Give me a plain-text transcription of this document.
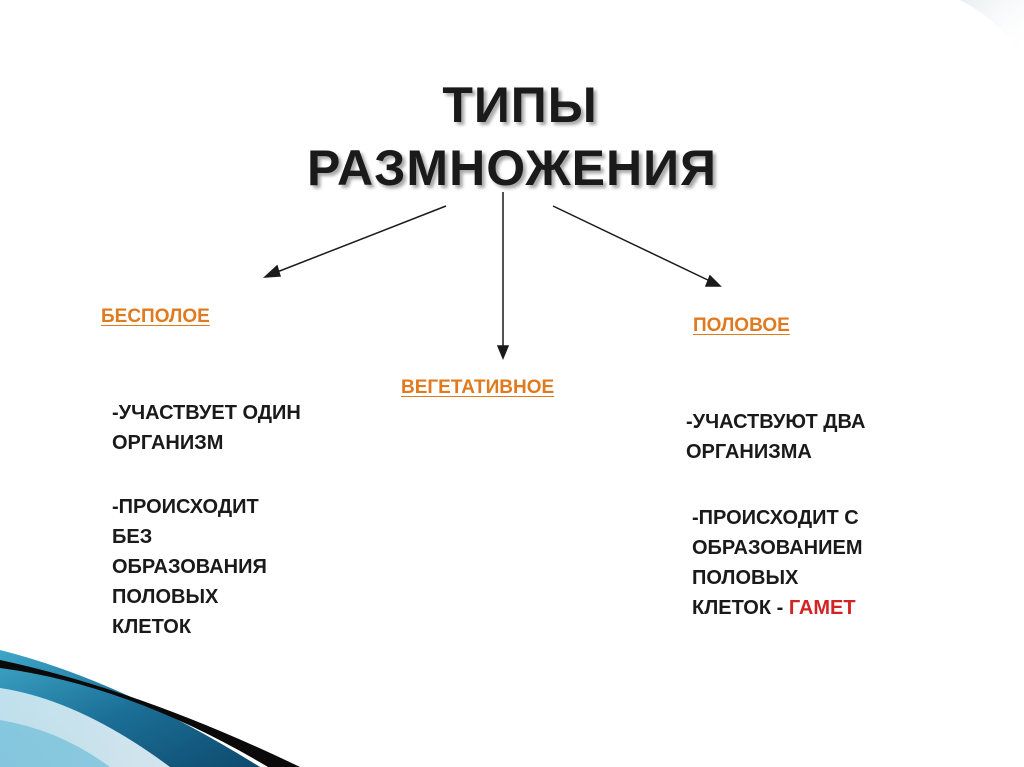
ТИПЫ
РАЗМНОЖЕНИЯ
БЕСПОЛОЕ
ВЕГЕТАТИВНОЕ
ПОЛОВОЕ
-УЧАСТВУЕТ ОДИН
ОРГАНИЗМ
-ПРОИСХОДИТ
БЕЗ
ОБРАЗОВАНИЯ
ПОЛОВЫХ
КЛЕТОК
-УЧАСТВУЮТ ДВА
ОРГАНИЗМА
-ПРОИСХОДИТ С
ОБРАЗОВАНИЕМ
ПОЛОВЫХ
КЛЕТОК - ГАМЕТ
